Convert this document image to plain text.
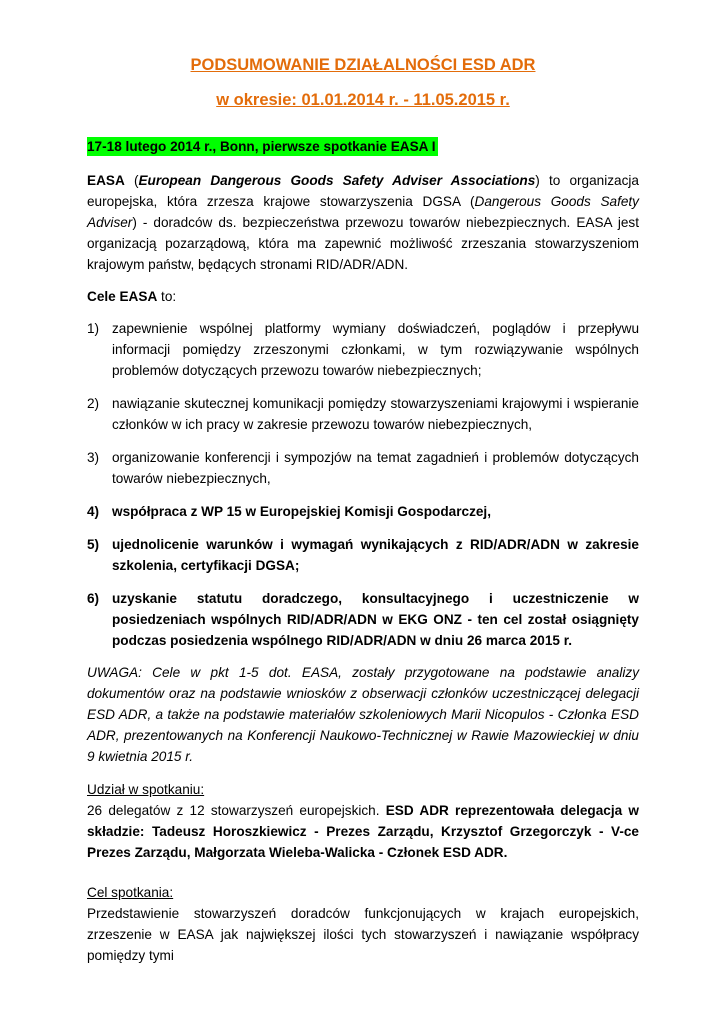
PODSUMOWANIE DZIAŁALNOŚCI ESD ADR
w okresie: 01.01.2014 r. - 11.05.2015 r.
17-18 lutego 2014 r., Bonn, pierwsze spotkanie EASA I

EASA (European Dangerous Goods Safety Adviser Associations) to organizacja europejska, która zrzesza krajowe stowarzyszenia DGSA (Dangerous Goods Safety Adviser) - doradców ds. bezpieczeństwa przewozu towarów niebezpiecznych. EASA jest organizacją pozarządową, która ma zapewnić możliwość zrzeszania stowarzyszeniom krajowym państw, będących stronami RID/ADR/ADN.

Cele EASA to:

1) zapewnienie wspólnej platformy wymiany doświadczeń, poglądów i przepływu informacji pomiędzy zrzeszonymi członkami, w tym rozwiązywanie wspólnych problemów dotyczących przewozu towarów niebezpiecznych;
2) nawiązanie skutecznej komunikacji pomiędzy stowarzyszeniami krajowymi i wspieranie członków w ich pracy w zakresie przewozu towarów niebezpiecznych,
3) organizowanie konferencji i sympozjów na temat zagadnień i problemów dotyczących towarów niebezpiecznych,
4) współpraca z WP 15 w Europejskiej Komisji Gospodarczej,
5) ujednolicenie warunków i wymagań wynikających z RID/ADR/ADN w zakresie szkolenia, certyfikacji DGSA;
6) uzyskanie statutu doradczego, konsultacyjnego i uczestniczenie w posiedzeniach wspólnych RID/ADR/ADN w EKG ONZ - ten cel został osiągnięty podczas posiedzenia wspólnego RID/ADR/ADN w dniu 26 marca 2015 r.

UWAGA: Cele w pkt 1-5 dot. EASA, zostały przygotowane na podstawie analizy dokumentów oraz na podstawie wniosków z obserwacji członków uczestniczącej delegacji ESD ADR, a także na podstawie materiałów szkoleniowych Marii Nicopulos - Członka ESD ADR, prezentowanych na Konferencji Naukowo-Technicznej w Rawie Mazowieckiej w dniu 9 kwietnia 2015 r.

Udział w spotkaniu:

26 delegatów z 12 stowarzyszeń europejskich. ESD ADR reprezentowała delegacja w składzie: Tadeusz Horoszkiewicz - Prezes Zarządu, Krzysztof Grzegorczyk - V-ce Prezes Zarządu, Małgorzata Wieleba-Walicka - Członek ESD ADR.

Cel spotkania:

Przedstawienie stowarzyszeń doradców funkcjonujących w krajach europejskich, zrzeszenie w EASA jak największej ilości tych stowarzyszeń i nawiązanie współpracy pomiędzy tymi
